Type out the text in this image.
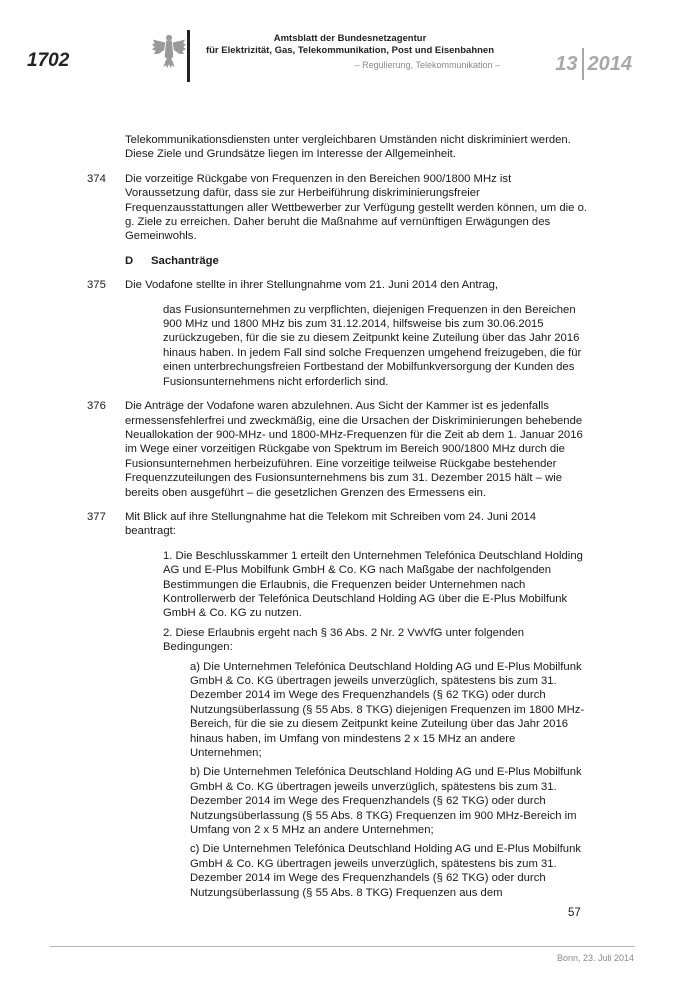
1702
Amtsblatt der Bundesnetzagentur
für Elektrizität, Gas, Telekommunikation, Post und Eisenbahnen
– Regulierung, Telekommunikation –	13 2014

Telekommunikationsdiensten unter vergleichbaren Umständen nicht diskriminiert werden. Diese Ziele und Grundsätze liegen im Interesse der Allgemeinheit.

374 Die vorzeitige Rückgabe von Frequenzen in den Bereichen 900/1800 MHz ist Voraussetzung dafür, dass sie zur Herbeiführung diskriminierungsfreier Frequenzausstattungen aller Wettbewerber zur Verfügung gestellt werden können, um die o. g. Ziele zu erreichen. Daher beruht die Maßnahme auf vernünftigen Erwägungen des Gemeinwohls.

D Sachanträge
375 Die Vodafone stellte in ihrer Stellungnahme vom 21. Juni 2014 den Antrag,

das Fusionsunternehmen zu verpflichten, diejenigen Frequenzen in den Bereichen 900 MHz und 1800 MHz bis zum 31.12.2014, hilfsweise bis zum 30.06.2015 zurückzugeben, für die sie zu diesem Zeitpunkt keine Zuteilung über das Jahr 2016 hinaus haben. In jedem Fall sind solche Frequenzen umgehend freizugeben, die für einen unterbrechungsfreien Fortbestand der Mobilfunkversorgung der Kunden des Fusionsunternehmens nicht erforderlich sind.

376 Die Anträge der Vodafone waren abzulehnen. Aus Sicht der Kammer ist es jedenfalls ermessensfehlerfrei und zweckmäßig, eine die Ursachen der Diskriminierungen behebende Neuallokation der 900-MHz- und 1800-MHz-Frequenzen für die Zeit ab dem 1. Januar 2016 im Wege einer vorzeitigen Rückgabe von Spektrum im Bereich 900/1800 MHz durch die Fusionsunternehmen herbeizuführen. Eine vorzeitige teilweise Rückgabe bestehender Frequenzzuteilungen des Fusionsunternehmens bis zum 31. Dezember 2015 hält – wie bereits oben ausgeführt – die gesetzlichen Grenzen des Ermessens ein.

377 Mit Blick auf ihre Stellungnahme hat die Telekom mit Schreiben vom 24. Juni 2014 beantragt:

1. Die Beschlusskammer 1 erteilt den Unternehmen Telefónica Deutschland Holding AG und E-Plus Mobilfunk GmbH & Co. KG nach Maßgabe der nachfolgenden Bestimmungen die Erlaubnis, die Frequenzen beider Unternehmen nach Kontrollerwerb der Telefónica Deutschland Holding AG über die E-Plus Mobilfunk GmbH & Co. KG zu nutzen.

2. Diese Erlaubnis ergeht nach § 36 Abs. 2 Nr. 2 VwVfG unter folgenden Bedingungen:

a) Die Unternehmen Telefónica Deutschland Holding AG und E-Plus Mobilfunk GmbH & Co. KG übertragen jeweils unverzüglich, spätestens bis zum 31. Dezember 2014 im Wege des Frequenzhandels (§ 62 TKG) oder durch Nutzungsüberlassung (§ 55 Abs. 8 TKG) diejenigen Frequenzen im 1800 MHz-Bereich, für die sie zu diesem Zeitpunkt keine Zuteilung über das Jahr 2016 hinaus haben, im Umfang von mindestens 2 x 15 MHz an andere Unternehmen;

b) Die Unternehmen Telefónica Deutschland Holding AG und E-Plus Mobilfunk GmbH & Co. KG übertragen jeweils unverzüglich, spätestens bis zum 31. Dezember 2014 im Wege des Frequenzhandels (§ 62 TKG) oder durch Nutzungsüberlassung (§ 55 Abs. 8 TKG) Frequenzen im 900 MHz-Bereich im Umfang von 2 x 5 MHz an andere Unternehmen;

c) Die Unternehmen Telefónica Deutschland Holding AG und E-Plus Mobilfunk GmbH & Co. KG übertragen jeweils unverzüglich, spätestens bis zum 31. Dezember 2014 im Wege des Frequenzhandels (§ 62 TKG) oder durch Nutzungsüberlassung (§ 55 Abs. 8 TKG) Frequenzen aus dem

57
Bonn, 23. Juli 2014
